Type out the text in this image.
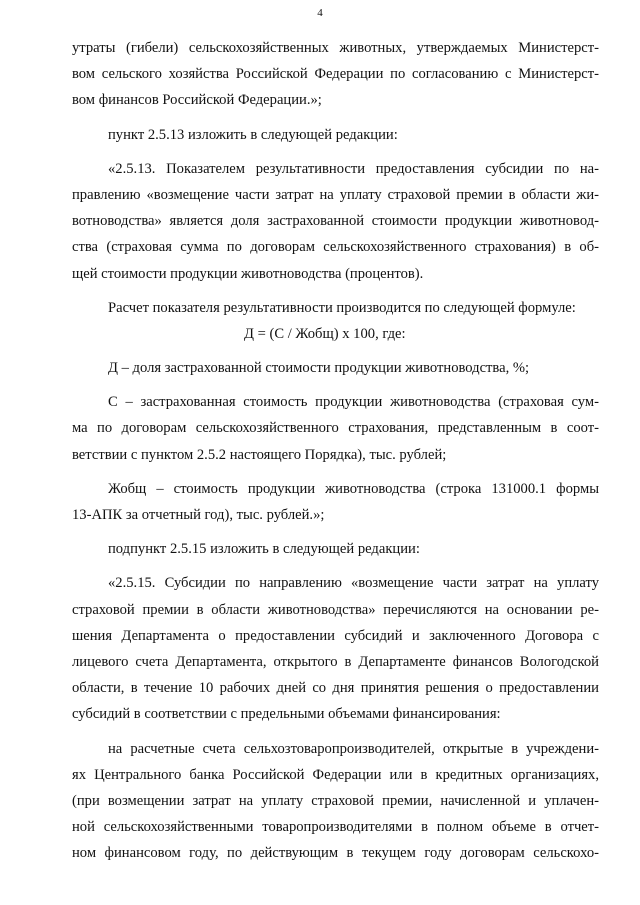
4
утраты (гибели) сельскохозяйственных животных, утверждаемых Министерст-
вом сельского хозяйства Российской Федерации по согласованию с Министерст-
вом финансов Российской Федерации.»;
пункт 2.5.13 изложить в следующей редакции:
«2.5.13. Показателем результативности предоставления субсидии по на-
правлению «возмещение части затрат на уплату страховой премии в области жи-
вотноводства» является доля застрахованной стоимости продукции животновод-
ства (страховая сумма по договорам сельскохозяйственного страхования) в об-
щей стоимости продукции животноводства (процентов).
Расчет показателя результативности производится по следующей формуле:
Д = (С / Жобщ) х 100, где:
Д – доля застрахованной стоимости продукции животноводства, %;
С – застрахованная стоимость продукции животноводства (страховая сум-
ма по договорам сельскохозяйственного страхования, представленным в соот-
ветствии с пунктом 2.5.2 настоящего Порядка), тыс. рублей;
Жобщ – стоимость продукции животноводства (строка 131000.1 формы
13-АПК за отчетный год), тыс. рублей.»;
подпункт 2.5.15 изложить в следующей редакции:
«2.5.15. Субсидии по направлению «возмещение части затрат на уплату
страховой премии в области животноводства» перечисляются на основании ре-
шения Департамента о предоставлении субсидий и заключенного Договора с
лицевого счета Департамента, открытого в Департаменте финансов Вологодской
области, в течение 10 рабочих дней со дня принятия решения о предоставлении
субсидий в соответствии с предельными объемами финансирования:
на расчетные счета сельхозтоваропроизводителей, открытые в учреждени-
ях Центрального банка Российской Федерации или в кредитных организациях,
(при возмещении затрат на уплату страховой премии, начисленной и уплачен-
ной сельскохозяйственными товаропроизводителями в полном объеме в отчет-
ном финансовом году, по действующим в текущем году договорам сельскохо-
